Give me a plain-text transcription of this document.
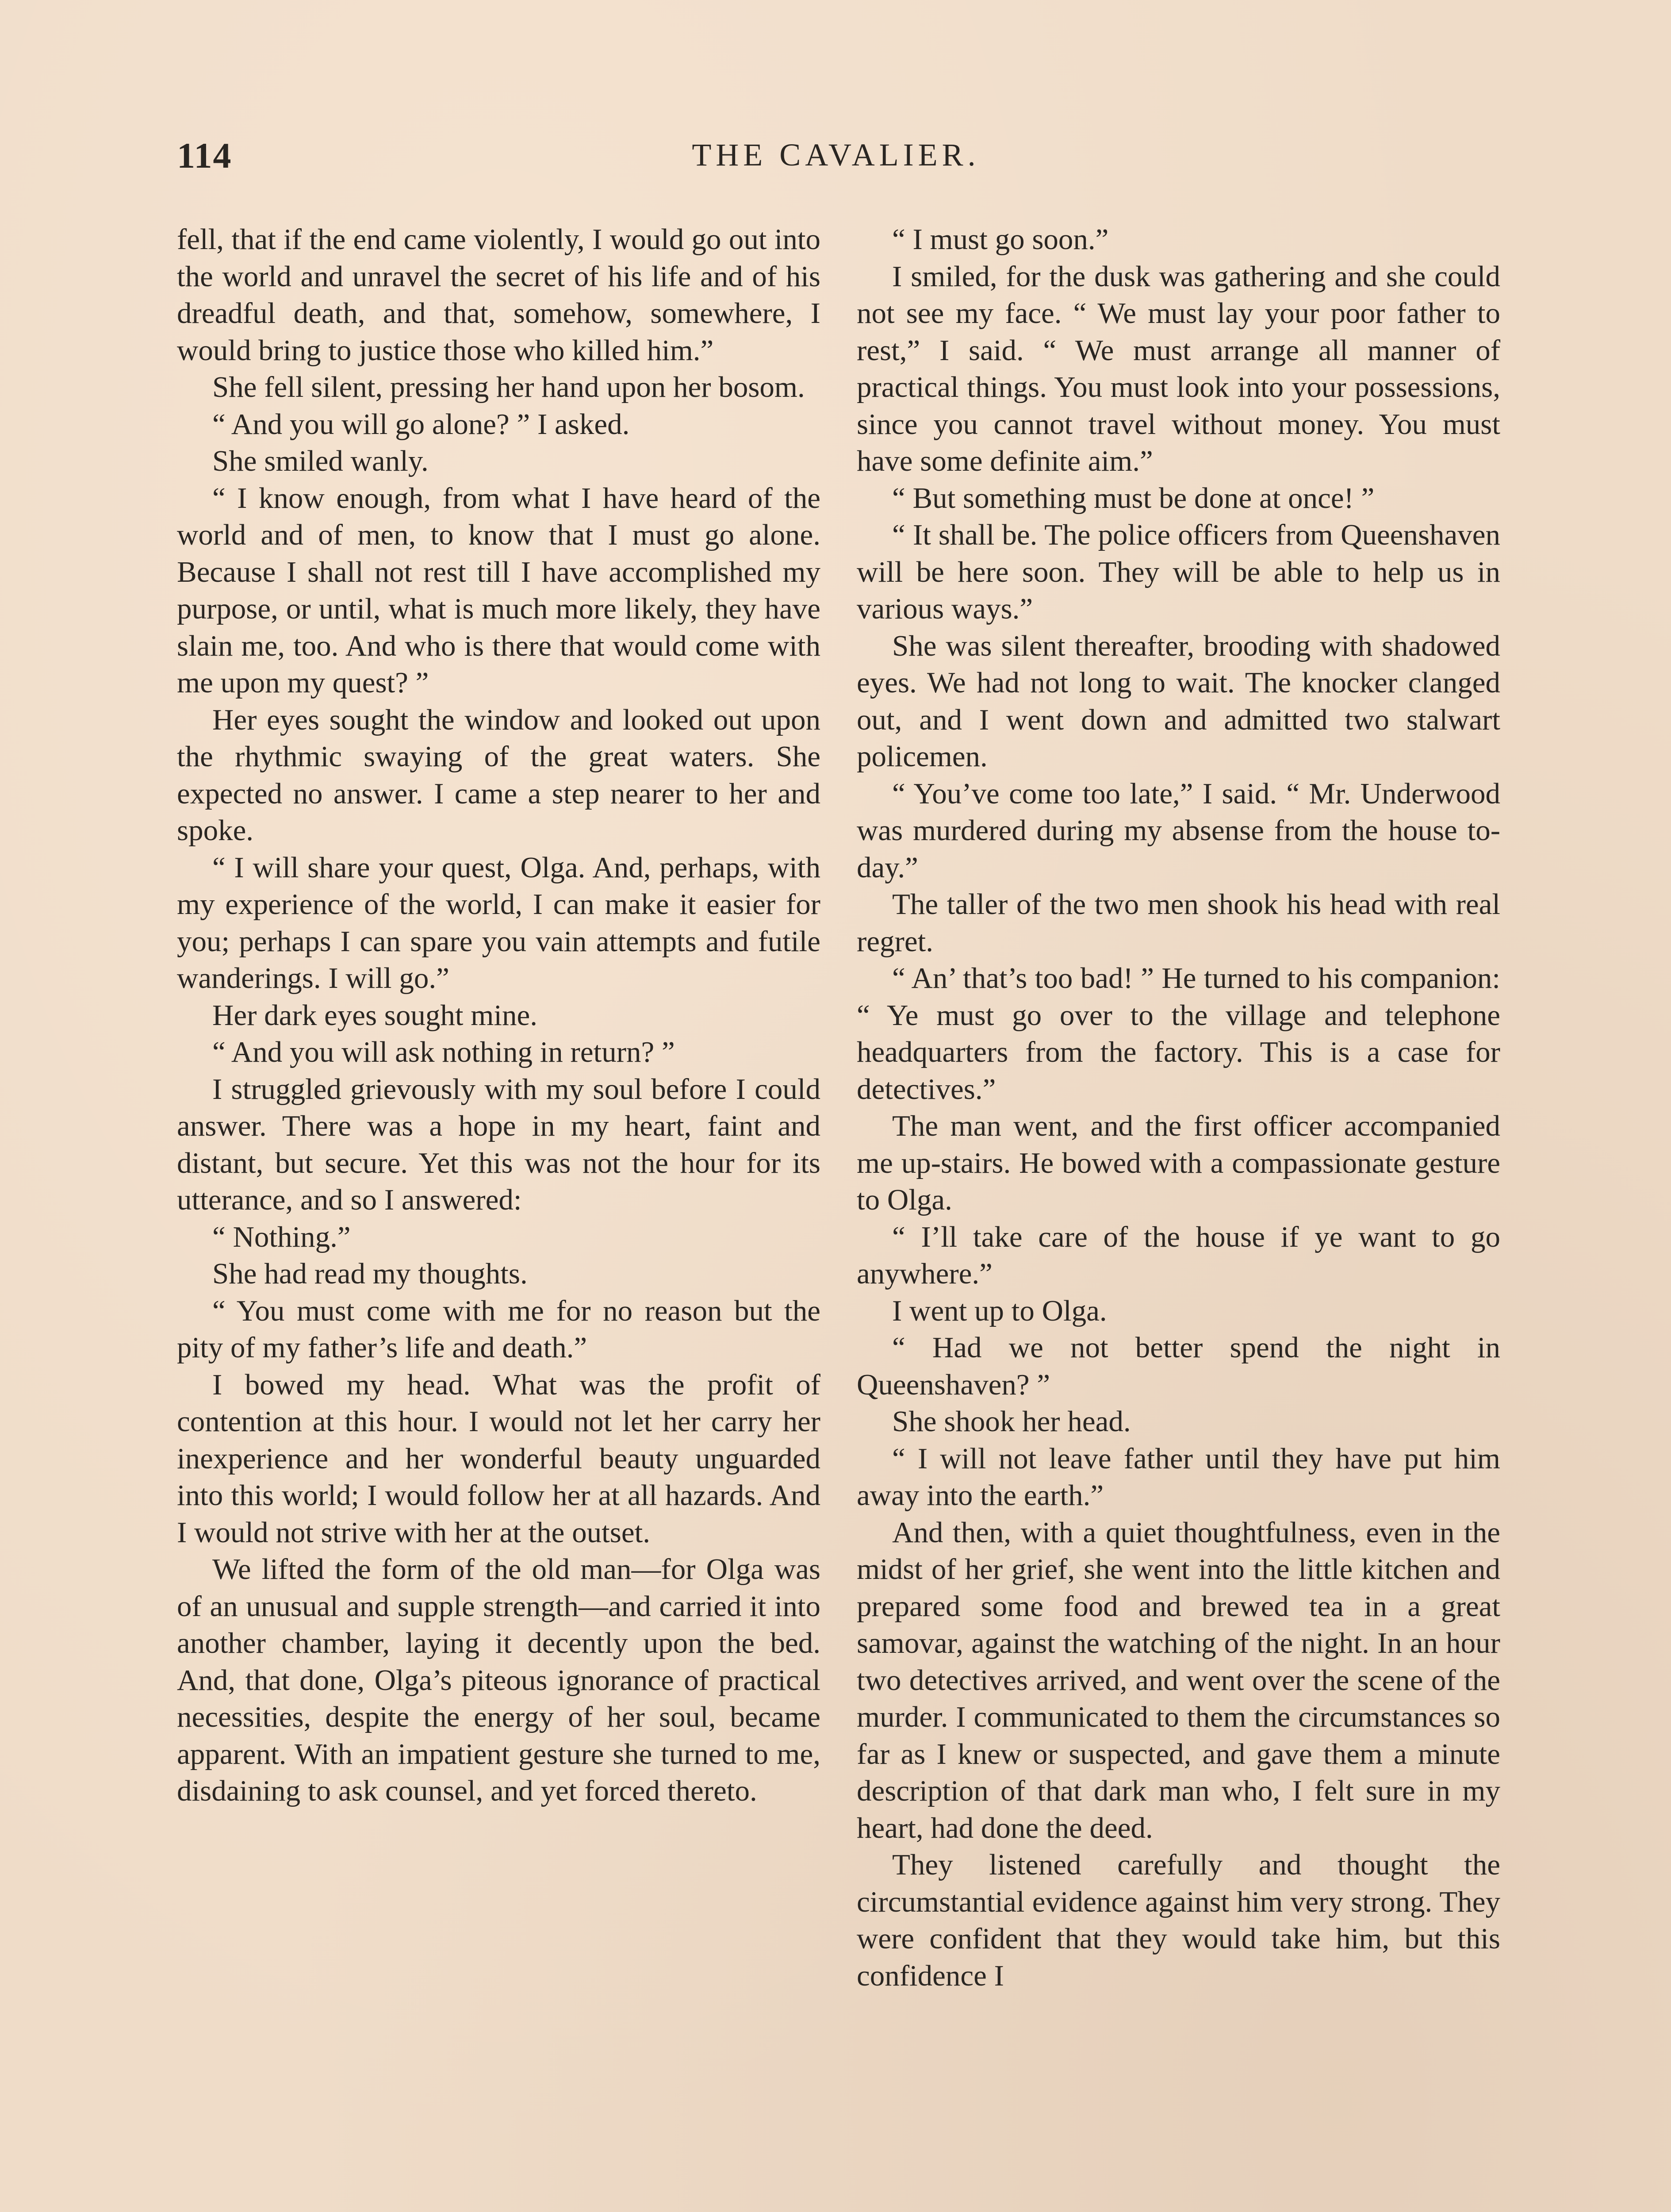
114	THE CAVALIER.

fell, that if the end came violently, I would go out into the world and unravel the secret of his life and of his dreadful death, and that, somehow, somewhere, I would bring to justice those who killed him.”

She fell silent, pressing her hand upon her bosom.

“ And you will go alone? ” I asked.

She smiled wanly.

“ I know enough, from what I have heard of the world and of men, to know that I must go alone. Because I shall not rest till I have accomplished my purpose, or until, what is much more likely, they have slain me, too. And who is there that would come with me upon my quest? ”

Her eyes sought the window and looked out upon the rhythmic swaying of the great waters. She expected no answer. I came a step nearer to her and spoke.

“ I will share your quest, Olga. And, perhaps, with my experience of the world, I can make it easier for you; perhaps I can spare you vain attempts and futile wanderings. I will go.”

Her dark eyes sought mine.

“ And you will ask nothing in return? ”

I struggled grievously with my soul before I could answer. There was a hope in my heart, faint and distant, but secure. Yet this was not the hour for its utterance, and so I answered:

“ Nothing.”

She had read my thoughts.

“ You must come with me for no reason but the pity of my father’s life and death.”

I bowed my head. What was the profit of contention at this hour. I would not let her carry her inexperience and her wonderful beauty unguarded into this world; I would follow her at all hazards. And I would not strive with her at the outset.

We lifted the form of the old man—for Olga was of an unusual and supple strength—and carried it into another chamber, laying it decently upon the bed. And, that done, Olga’s piteous ignorance of practical necessities, despite the energy of her soul, became apparent. With an impatient gesture she turned to me, disdaining to ask counsel, and yet forced thereto.

“ I must go soon.”

I smiled, for the dusk was gathering and she could not see my face. “ We must lay your poor father to rest,” I said. “ We must arrange all manner of practical things. You must look into your possessions, since you cannot travel without money. You must have some definite aim.”

“ But something must be done at once! ”

“ It shall be. The police officers from Queenshaven will be here soon. They will be able to help us in various ways.”

She was silent thereafter, brooding with shadowed eyes. We had not long to wait. The knocker clanged out, and I went down and admitted two stalwart policemen.

“ You’ve come too late,” I said. “ Mr. Underwood was murdered during my absense from the house to-day.”

The taller of the two men shook his head with real regret.

“ An’ that’s too bad! ” He turned to his companion: “ Ye must go over to the village and telephone headquarters from the factory. This is a case for detectives.”

The man went, and the first officer accompanied me up-stairs. He bowed with a compassionate gesture to Olga.

“ I’ll take care of the house if ye want to go anywhere.”

I went up to Olga.

“ Had we not better spend the night in Queenshaven? ”

She shook her head.

“ I will not leave father until they have put him away into the earth.”

And then, with a quiet thoughtfulness, even in the midst of her grief, she went into the little kitchen and prepared some food and brewed tea in a great samovar, against the watching of the night. In an hour two detectives arrived, and went over the scene of the murder. I communicated to them the circumstances so far as I knew or suspected, and gave them a minute description of that dark man who, I felt sure in my heart, had done the deed.

They listened carefully and thought the circumstantial evidence against him very strong. They were confident that they would take him, but this confidence I
